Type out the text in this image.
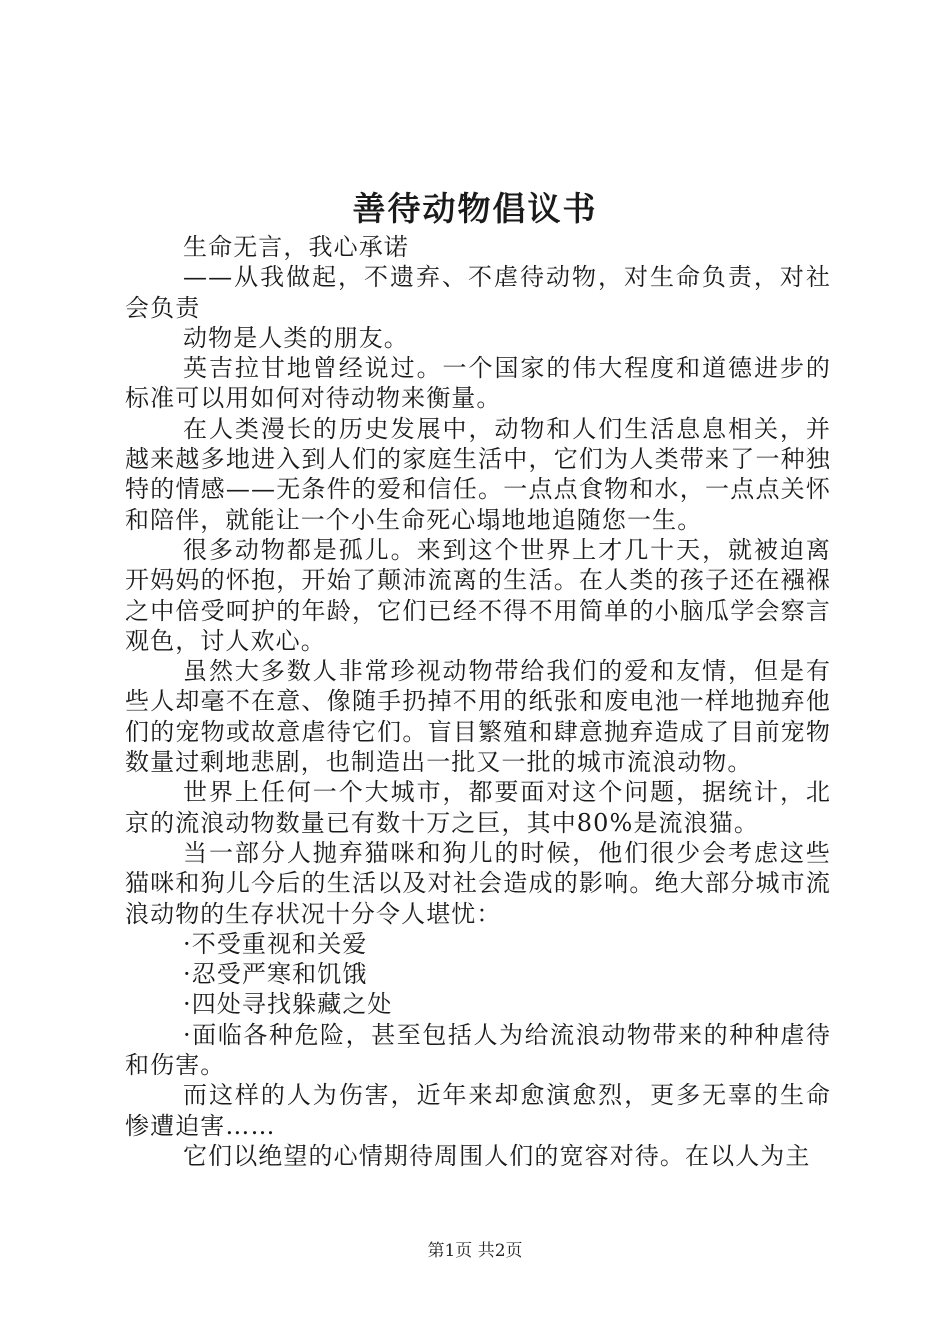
善待动物倡议书

生命无言，我心承诺

——从我做起，不遗弃、不虐待动物，对生命负责，对社会负责

动物是人类的朋友。

英吉拉甘地曾经说过。一个国家的伟大程度和道德进步的标准可以用如何对待动物来衡量。

在人类漫长的历史发展中，动物和人们生活息息相关，并越来越多地进入到人们的家庭生活中，它们为人类带来了一种独特的情感——无条件的爱和信任。一点点食物和水，一点点关怀和陪伴，就能让一个小生命死心塌地地追随您一生。

很多动物都是孤儿。来到这个世界上才几十天，就被迫离开妈妈的怀抱，开始了颠沛流离的生活。在人类的孩子还在襁褓之中倍受呵护的年龄，它们已经不得不用简单的小脑瓜学会察言观色，讨人欢心。

虽然大多数人非常珍视动物带给我们的爱和友情，但是有些人却毫不在意、像随手扔掉不用的纸张和废电池一样地抛弃他们的宠物或故意虐待它们。盲目繁殖和肆意抛弃造成了目前宠物数量过剩地悲剧，也制造出一批又一批的城市流浪动物。

世界上任何一个大城市，都要面对这个问题，据统计，北京的流浪动物数量已有数十万之巨，其中80%是流浪猫。

当一部分人抛弃猫咪和狗儿的时候，他们很少会考虑这些猫咪和狗儿今后的生活以及对社会造成的影响。绝大部分城市流浪动物的生存状况十分令人堪忧：

·不受重视和关爱

·忍受严寒和饥饿

·四处寻找躲藏之处

·面临各种危险，甚至包括人为给流浪动物带来的种种虐待和伤害。

而这样的人为伤害，近年来却愈演愈烈，更多无辜的生命惨遭迫害……

它们以绝望的心情期待周围人们的宽容对待。在以人为主

第1页 共2页
